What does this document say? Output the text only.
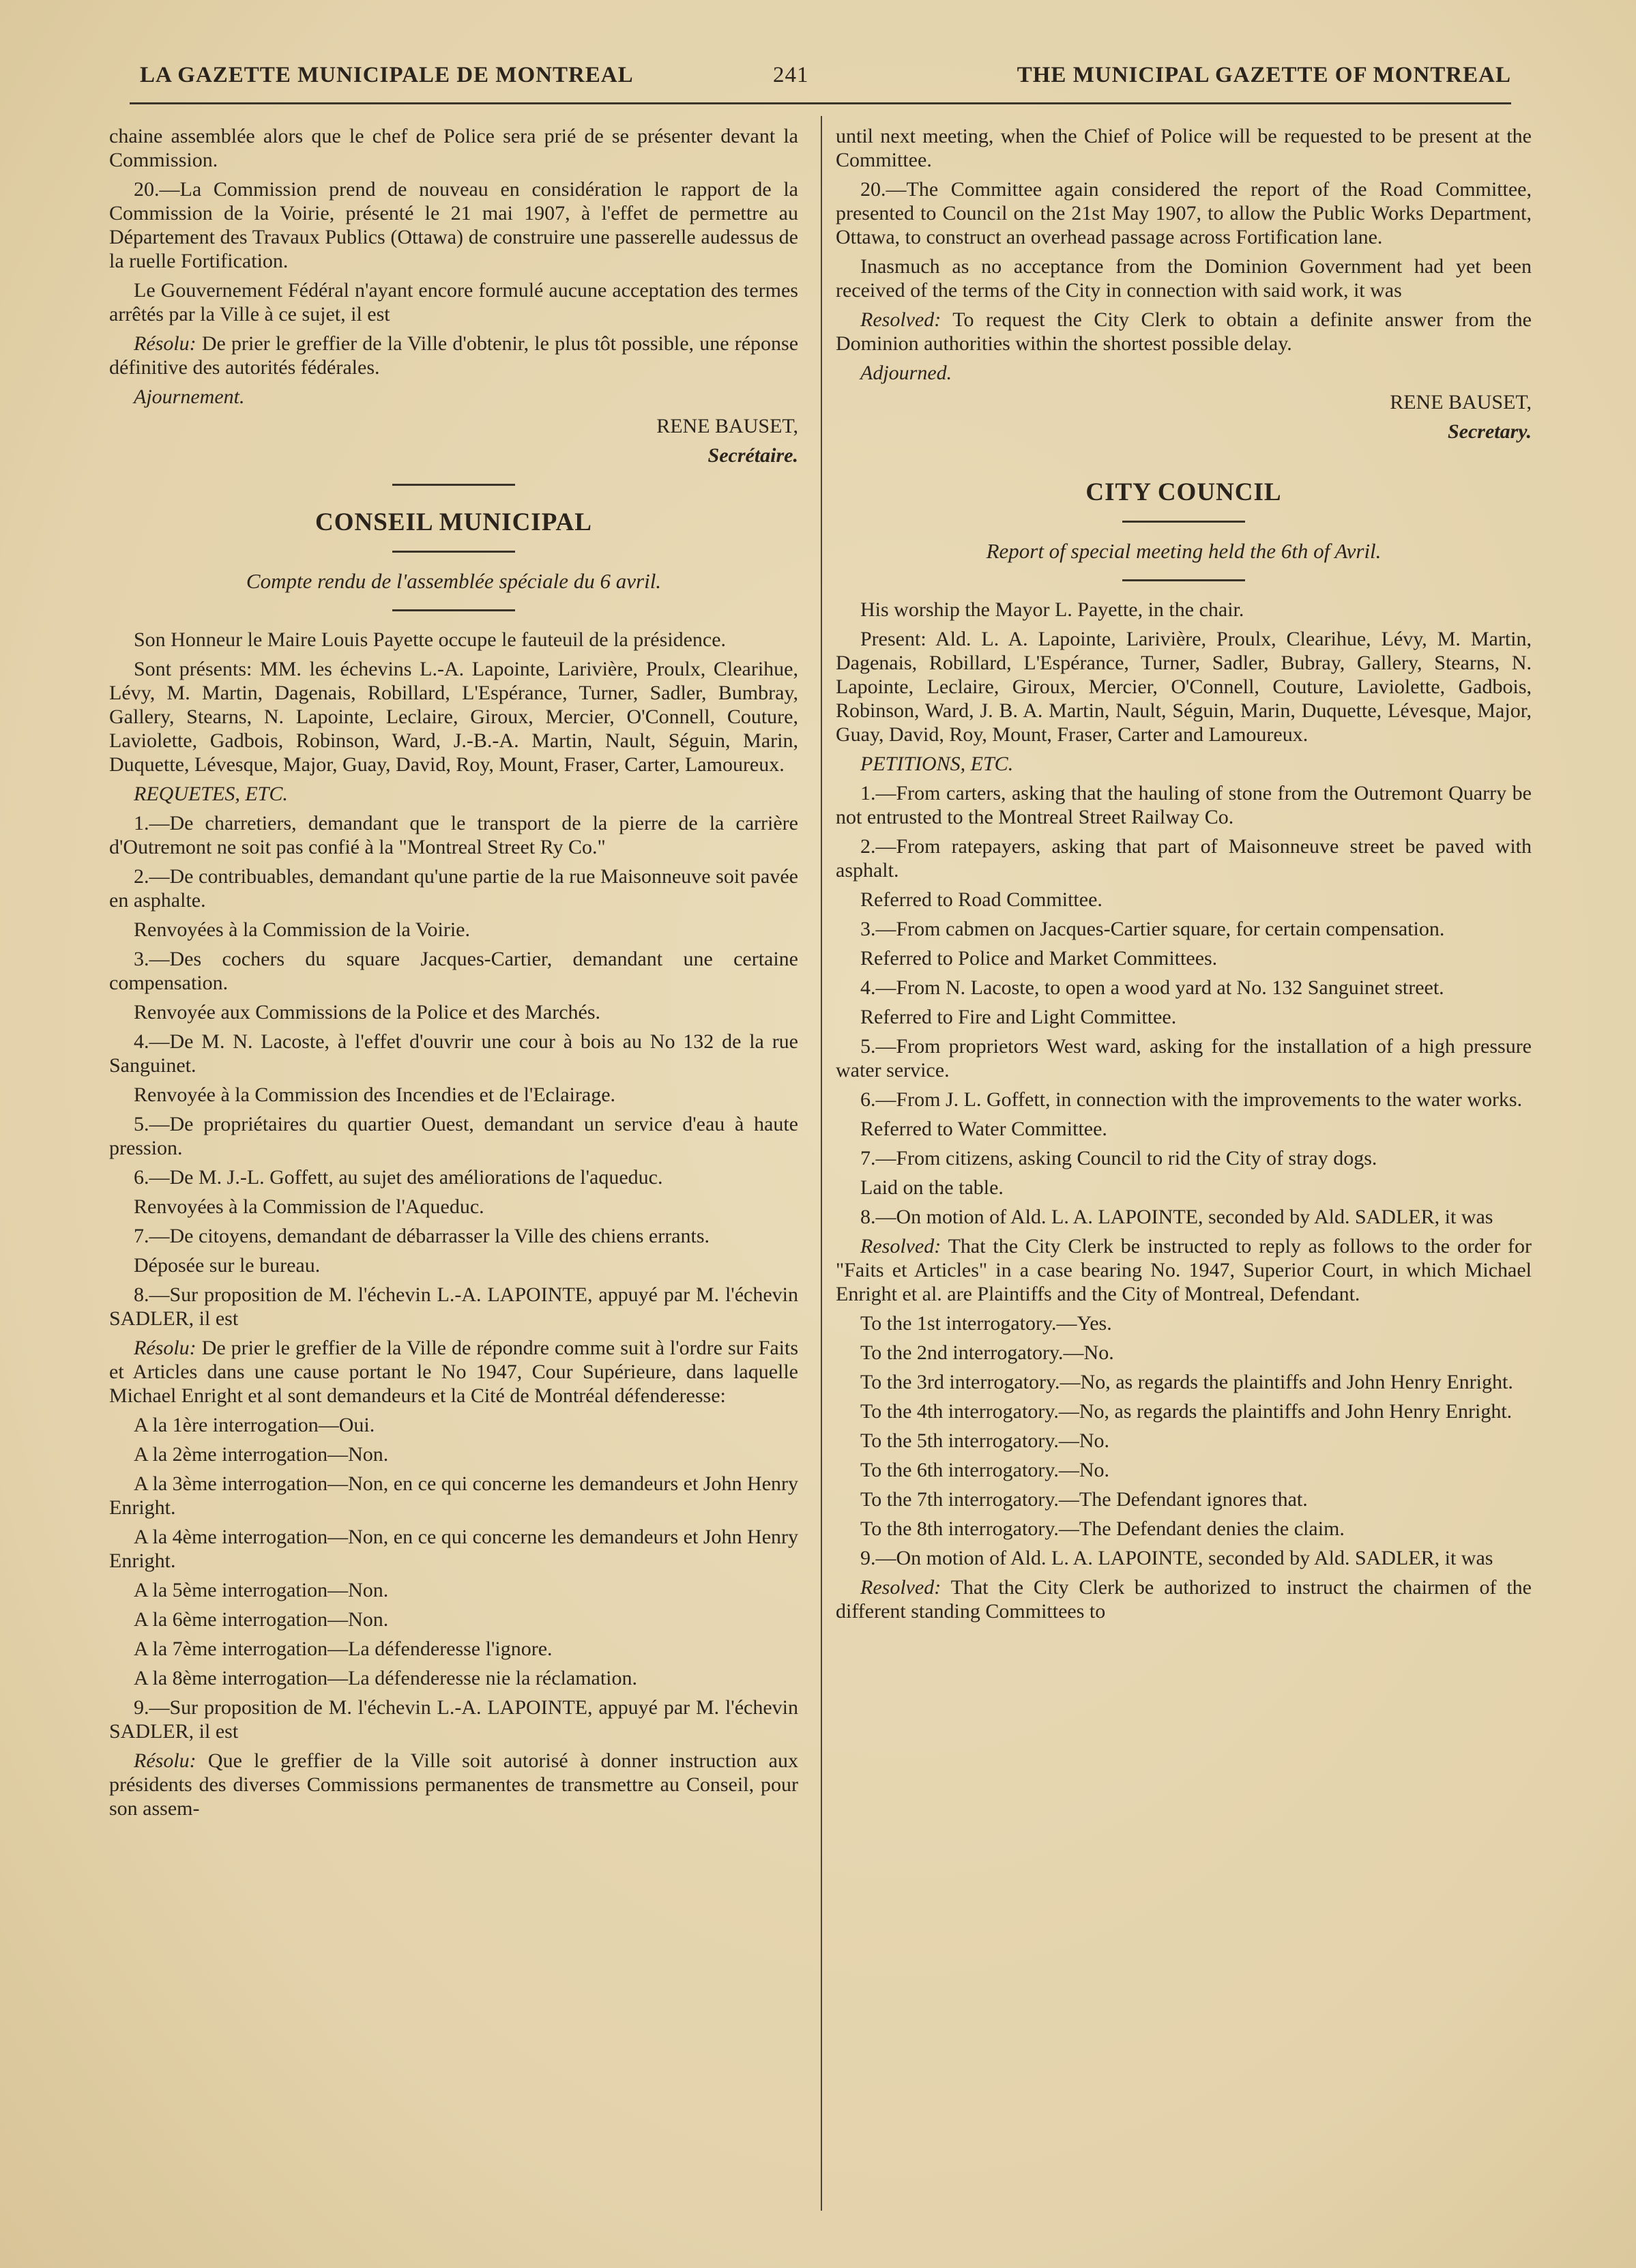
LA GAZETTE MUNICIPALE DE MONTREAL	241	THE MUNICIPAL GAZETTE OF MONTREAL

chaine assemblée alors que le chef de Police sera prié de se présenter devant la Commission.

20.—La Commission prend de nouveau en considération le rapport de la Commission de la Voirie, présenté le 21 mai 1907, à l'effet de permettre au Département des Travaux Publics (Ottawa) de construire une passerelle audessus de la ruelle Fortification.

Le Gouvernement Fédéral n'ayant encore formulé aucune acceptation des termes arrêtés par la Ville à ce sujet, il est

Résolu: De prier le greffier de la Ville d'obtenir, le plus tôt possible, une réponse définitive des autorités fédérales.

Ajournement.

RENE BAUSET,

Secrétaire.

CONSEIL MUNICIPAL
Compte rendu de l'assemblée spéciale du 6 avril.

Son Honneur le Maire Louis Payette occupe le fauteuil de la présidence.

Sont présents: MM. les échevins L.-A. Lapointe, Larivière, Proulx, Clearihue, Lévy, M. Martin, Dagenais, Robillard, L'Espérance, Turner, Sadler, Bumbray, Gallery, Stearns, N. Lapointe, Leclaire, Giroux, Mercier, O'Connell, Couture, Laviolette, Gadbois, Robinson, Ward, J.-B.-A. Martin, Nault, Séguin, Marin, Duquette, Lévesque, Major, Guay, David, Roy, Mount, Fraser, Carter, Lamoureux.

REQUETES, ETC.

1.—De charretiers, demandant que le transport de la pierre de la carrière d'Outremont ne soit pas confié à la "Montreal Street Ry Co."

2.—De contribuables, demandant qu'une partie de la rue Maisonneuve soit pavée en asphalte.

Renvoyées à la Commission de la Voirie.

3.—Des cochers du square Jacques-Cartier, demandant une certaine compensation.

Renvoyée aux Commissions de la Police et des Marchés.

4.—De M. N. Lacoste, à l'effet d'ouvrir une cour à bois au No 132 de la rue Sanguinet.

Renvoyée à la Commission des Incendies et de l'Eclairage.

5.—De propriétaires du quartier Ouest, demandant un service d'eau à haute pression.

6.—De M. J.-L. Goffett, au sujet des améliorations de l'aqueduc.

Renvoyées à la Commission de l'Aqueduc.

7.—De citoyens, demandant de débarrasser la Ville des chiens errants.

Déposée sur le bureau.

8.—Sur proposition de M. l'échevin L.-A. LAPOINTE, appuyé par M. l'échevin SADLER, il est

Résolu: De prier le greffier de la Ville de répondre comme suit à l'ordre sur Faits et Articles dans une cause portant le No 1947, Cour Supérieure, dans laquelle Michael Enright et al sont demandeurs et la Cité de Montréal défenderesse:

A la 1ère interrogation—Oui.

A la 2ème interrogation—Non.

A la 3ème interrogation—Non, en ce qui concerne les demandeurs et John Henry Enright.

A la 4ème interrogation—Non, en ce qui concerne les demandeurs et John Henry Enright.

A la 5ème interrogation—Non.

A la 6ème interrogation—Non.

A la 7ème interrogation—La défenderesse l'ignore.

A la 8ème interrogation—La défenderesse nie la réclamation.

9.—Sur proposition de M. l'échevin L.-A. LAPOINTE, appuyé par M. l'échevin SADLER, il est

Résolu: Que le greffier de la Ville soit autorisé à donner instruction aux présidents des diverses Commissions permanentes de transmettre au Conseil, pour son assem-

until next meeting, when the Chief of Police will be requested to be present at the Committee.

20.—The Committee again considered the report of the Road Committee, presented to Council on the 21st May 1907, to allow the Public Works Department, Ottawa, to construct an overhead passage across Fortification lane.

Inasmuch as no acceptance from the Dominion Government had yet been received of the terms of the City in connection with said work, it was

Resolved: To request the City Clerk to obtain a definite answer from the Dominion authorities within the shortest possible delay.

Adjourned.

RENE BAUSET,

Secretary.

CITY COUNCIL
Report of special meeting held the 6th of Avril.

His worship the Mayor L. Payette, in the chair.

Present: Ald. L. A. Lapointe, Larivière, Proulx, Clearihue, Lévy, M. Martin, Dagenais, Robillard, L'Espérance, Turner, Sadler, Bubray, Gallery, Stearns, N. Lapointe, Leclaire, Giroux, Mercier, O'Connell, Couture, Laviolette, Gadbois, Robinson, Ward, J. B. A. Martin, Nault, Séguin, Marin, Duquette, Lévesque, Major, Guay, David, Roy, Mount, Fraser, Carter and Lamoureux.

PETITIONS, ETC.

1.—From carters, asking that the hauling of stone from the Outremont Quarry be not entrusted to the Montreal Street Railway Co.

2.—From ratepayers, asking that part of Maisonneuve street be paved with asphalt.

Referred to Road Committee.

3.—From cabmen on Jacques-Cartier square, for certain compensation.

Referred to Police and Market Committees.

4.—From N. Lacoste, to open a wood yard at No. 132 Sanguinet street.

Referred to Fire and Light Committee.

5.—From proprietors West ward, asking for the installation of a high pressure water service.

6.—From J. L. Goffett, in connection with the improvements to the water works.

Referred to Water Committee.

7.—From citizens, asking Council to rid the City of stray dogs.

Laid on the table.

8.—On motion of Ald. L. A. LAPOINTE, seconded by Ald. SADLER, it was

Resolved: That the City Clerk be instructed to reply as follows to the order for "Faits et Articles" in a case bearing No. 1947, Superior Court, in which Michael Enright et al. are Plaintiffs and the City of Montreal, Defendant.

To the 1st interrogatory.—Yes.

To the 2nd interrogatory.—No.

To the 3rd interrogatory.—No, as regards the plaintiffs and John Henry Enright.

To the 4th interrogatory.—No, as regards the plaintiffs and John Henry Enright.

To the 5th interrogatory.—No.

To the 6th interrogatory.—No.

To the 7th interrogatory.—The Defendant ignores that.

To the 8th interrogatory.—The Defendant denies the claim.

9.—On motion of Ald. L. A. LAPOINTE, seconded by Ald. SADLER, it was

Resolved: That the City Clerk be authorized to instruct the chairmen of the different standing Committees to
